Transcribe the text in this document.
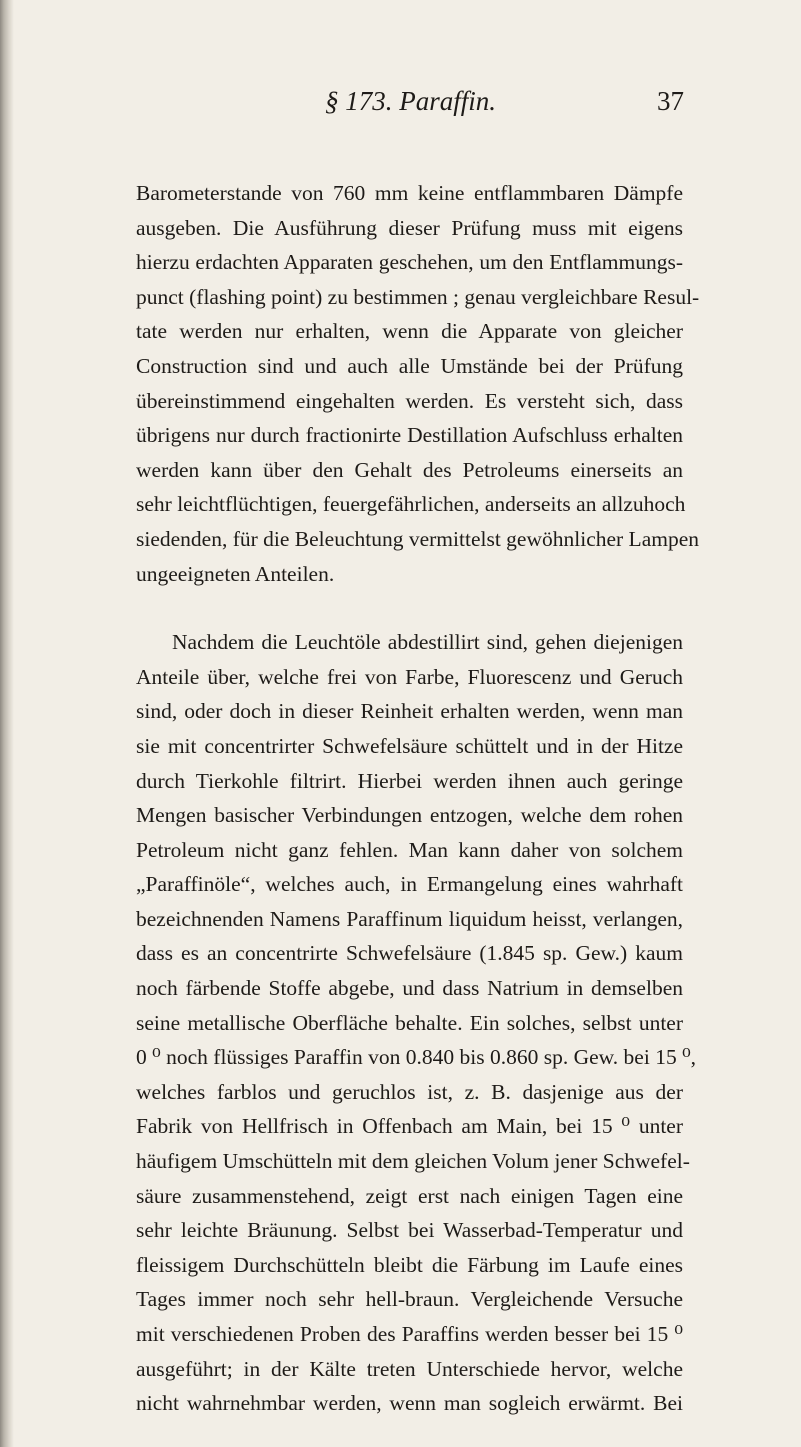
§ 173. Paraffin.	37
Barometerstande von 760 mm keine entflammbaren Dämpfe
ausgeben. Die Ausführung dieser Prüfung muss mit eigens
hierzu erdachten Apparaten geschehen, um den Entflammungs-
punct (flashing point) zu bestimmen ; genau vergleichbare Resul-
tate werden nur erhalten, wenn die Apparate von gleicher
Construction sind und auch alle Umstände bei der Prüfung
übereinstimmend eingehalten werden. Es versteht sich, dass
übrigens nur durch fractionirte Destillation Aufschluss erhalten
werden kann über den Gehalt des Petroleums einerseits an
sehr leichtflüchtigen, feuergefährlichen, anderseits an allzuhoch
siedenden, für die Beleuchtung vermittelst gewöhnlicher Lampen
ungeeigneten Anteilen.
Nachdem die Leuchtöle abdestillirt sind, gehen diejenigen
Anteile über, welche frei von Farbe, Fluorescenz und Geruch
sind, oder doch in dieser Reinheit erhalten werden, wenn man
sie mit concentrirter Schwefelsäure schüttelt und in der Hitze
durch Tierkohle filtrirt. Hierbei werden ihnen auch geringe
Mengen basischer Verbindungen entzogen, welche dem rohen
Petroleum nicht ganz fehlen. Man kann daher von solchem
„Paraffinöle“, welches auch, in Ermangelung eines wahrhaft
bezeichnenden Namens Paraffinum liquidum heisst, verlangen,
dass es an concentrirte Schwefelsäure (1.845 sp. Gew.) kaum
noch färbende Stoffe abgebe, und dass Natrium in demselben
seine metallische Oberfläche behalte. Ein solches, selbst unter
0 ⁰ noch flüssiges Paraffin von 0.840 bis 0.860 sp. Gew. bei 15 ⁰,
welches farblos und geruchlos ist, z. B. dasjenige aus der
Fabrik von Hellfrisch in Offenbach am Main, bei 15 ⁰ unter
häufigem Umschütteln mit dem gleichen Volum jener Schwefel-
säure zusammenstehend, zeigt erst nach einigen Tagen eine
sehr leichte Bräunung. Selbst bei Wasserbad-Temperatur und
fleissigem Durchschütteln bleibt die Färbung im Laufe eines
Tages immer noch sehr hell-braun. Vergleichende Versuche
mit verschiedenen Proben des Paraffins werden besser bei 15 ⁰
ausgeführt; in der Kälte treten Unterschiede hervor, welche
nicht wahrnehmbar werden, wenn man sogleich erwärmt. Bei
